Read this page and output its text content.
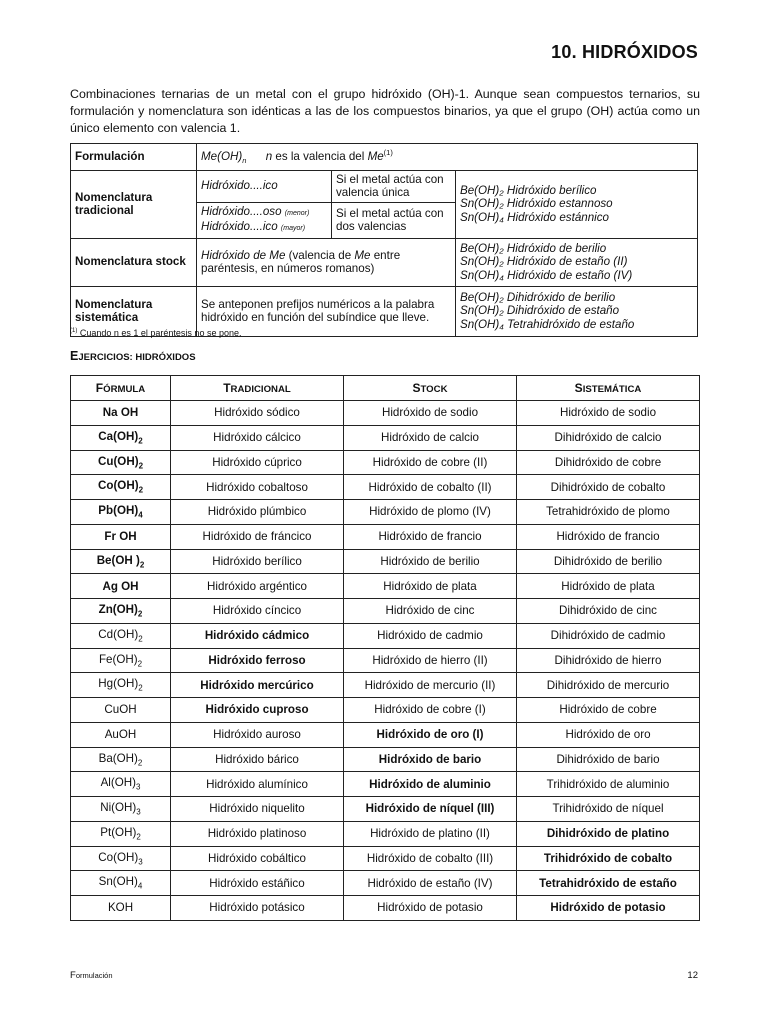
10. HIDRÓXIDOS

Combinaciones ternarias de un metal con el grupo hidróxido (OH)-1. Aunque sean compuestos ternarios, su formulación y nomenclatura son idénticas a las de los compuestos binarios, ya que el grupo (OH) actúa como un único elemento con valencia 1.

Formulación	$Me(OH)_n$ n es la valencia del Me$^{(1)}$
Nomenclatura tradicional	Hidróxido....ico	Si el metal actúa con valencia única	Be(OH)₂ Hidróxido berílico
Sn(OH)₂ Hidróxido estannoso
Sn(OH)₄ Hidróxido estánnico

	Hidróxido....oso (menor)
Hidróxido....ico (mayor)	Si el metal actúa con dos valencias	
Nomenclatura stock	Hidróxido de Me (valencia de Me entre paréntesis, en números romanos)		Be(OH)₂ Hidróxido de berilio
Sn(OH)₂ Hidróxido de estaño (II)
Sn(OH)₄ Hidróxido de estaño (IV)

Nomenclatura sistemática	Se anteponen prefijos numéricos a la palabra hidróxido en función del subíndice que lleve.		Be(OH)₂ Dihidróxido de berilio
Sn(OH)₂ Dihidróxido de estaño
Sn(OH)₄ Tetrahidróxido de estaño
$^{(1)}$ Cuando n es 1 el paréntesis no se pone.
EJERCICIOS: HIDRÓXIDOS
FÓRMULA	TRADICIONAL	STOCK	SISTEMÁTICA
Na OH	Hidróxido sódico	Hidróxido de sodio	Hidróxido de sodio
$Ca(OH)_2$	Hidróxido cálcico	Hidróxido de calcio	Dihidróxido de calcio
$Cu(OH)_2$	Hidróxido cúprico	Hidróxido de cobre (II)	Dihidróxido de cobre
$Co(OH)_2$	Hidróxido cobaltoso	Hidróxido de cobalto (II)	Dihidróxido de cobalto
$Pb(OH)_4$	Hidróxido plúmbico	Hidróxido de plomo (IV)	Tetrahidróxido de plomo
Fr OH	Hidróxido de fráncico	Hidróxido de francio	Hidróxido de francio
Be(OH )$_2$	Hidróxido berílico	Hidróxido de berilio	Dihidróxido de berilio
Ag OH	Hidróxido argéntico	Hidróxido de plata	Hidróxido de plata
$Zn(OH)_2$	Hidróxido cíncico	Hidróxido de cinc	Dihidróxido de cinc
$Cd(OH)_2$	Hidróxido cádmico	Hidróxido de cadmio	Dihidróxido de cadmio
$Fe(OH)_2$	Hidróxido ferroso	Hidróxido de hierro (II)	Dihidróxido de hierro
$Hg(OH)_2$	Hidróxido mercúrico	Hidróxido de mercurio (II)	Dihidróxido de mercurio
CuOH	Hidróxido cuproso	Hidróxido de cobre (I)	Hidróxido de cobre
AuOH	Hidróxido auroso	Hidróxido de oro (I)	Hidróxido de oro
$Ba(OH)_2$	Hidróxido bárico	Hidróxido de bario	Dihidróxido de bario
$Al(OH)_3$	Hidróxido alumínico	Hidróxido de aluminio	Trihidróxido de aluminio
$Ni(OH)_3$	Hidróxido niquelito	Hidróxido de níquel (III)	Trihidróxido de níquel
$Pt(OH)_2$	Hidróxido platinoso	Hidróxido de platino (II)	Dihidróxido de platino
$Co(OH)_3$	Hidróxido cobáltico	Hidróxido de cobalto (III)	Trihidróxido de cobalto
$Sn(OH)_4$	Hidróxido estáñico	Hidróxido de estaño (IV)	Tetrahidróxido de estaño
KOH	Hidróxido potásico	Hidróxido de potasio	Hidróxido de potasio
Formulación	12
